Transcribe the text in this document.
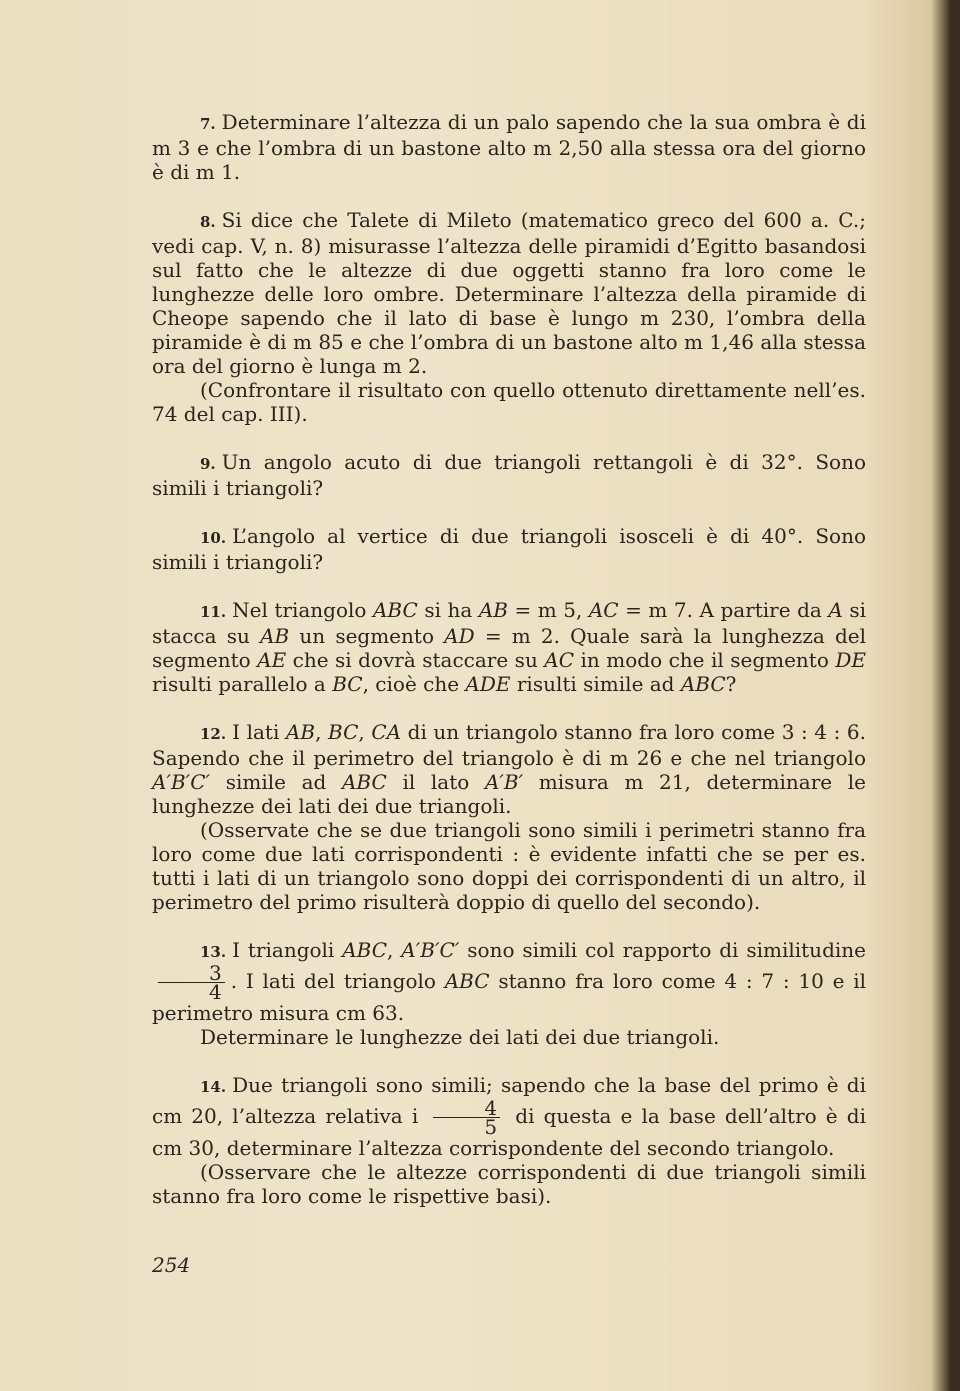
7. Determinare l’altezza di un palo sapendo che la sua ombra è di m 3 e che l’ombra di un bastone alto m 2,50 alla stessa ora del giorno è di m 1.

8. Si dice che Talete di Mileto (matematico greco del 600 a. C.; vedi cap. V, n. 8) misurasse l’altezza delle piramidi d’Egitto basandosi sul fatto che le altezze di due oggetti stanno fra loro come le lunghezze delle loro ombre. Determinare l’altezza della piramide di Cheope sapendo che il lato di base è lungo m 230, l’ombra della piramide è di m 85 e che l’ombra di un bastone alto m 1,46 alla stessa ora del giorno è lunga m 2.

(Confrontare il risultato con quello ottenuto direttamente nell’es. 74 del cap. III).

9. Un angolo acuto di due triangoli rettangoli è di 32°. Sono simili i triangoli?

10. L’angolo al vertice di due triangoli isosceli è di 40°. Sono simili i triangoli?

11. Nel triangolo ABC si ha AB = m 5, AC = m 7. A partire da A si stacca su AB un segmento AD = m 2. Quale sarà la lunghezza del segmento AE che si dovrà staccare su AC in modo che il segmento DE risulti parallelo a BC, cioè che ADE risulti simile ad ABC?

12. I lati AB, BC, CA di un triangolo stanno fra loro come 3 : 4 : 6. Sapendo che il perimetro del triangolo è di m 26 e che nel triangolo A′B′C′ simile ad ABC il lato A′B′ misura m 21, determinare le lunghezze dei lati dei due triangoli.

(Osservate che se due triangoli sono simili i perimetri stanno fra loro come due lati corrispondenti : è evidente infatti che se per es. tutti i lati di un triangolo sono doppi dei corrispondenti di un altro, il perimetro del primo risulterà doppio di quello del secondo).

13. I triangoli ABC, A′B′C′ sono simili col rapporto di similitudine
$\frac{3}{4}$ . I lati del triangolo ABC stanno fra loro come 4 : 7 : 10 e il perimetro misura cm 63.

Determinare le lunghezze dei lati dei due triangoli.

14. Due triangoli sono simili; sapendo che la base del primo è di cm 20, l’altezza relativa i $\frac{4}{5}$ di questa e la base dell’altro è di cm 30, determinare l’altezza corrispondente del secondo triangolo.

(Osservare che le altezze corrispondenti di due triangoli simili stanno fra loro come le rispettive basi).

254
